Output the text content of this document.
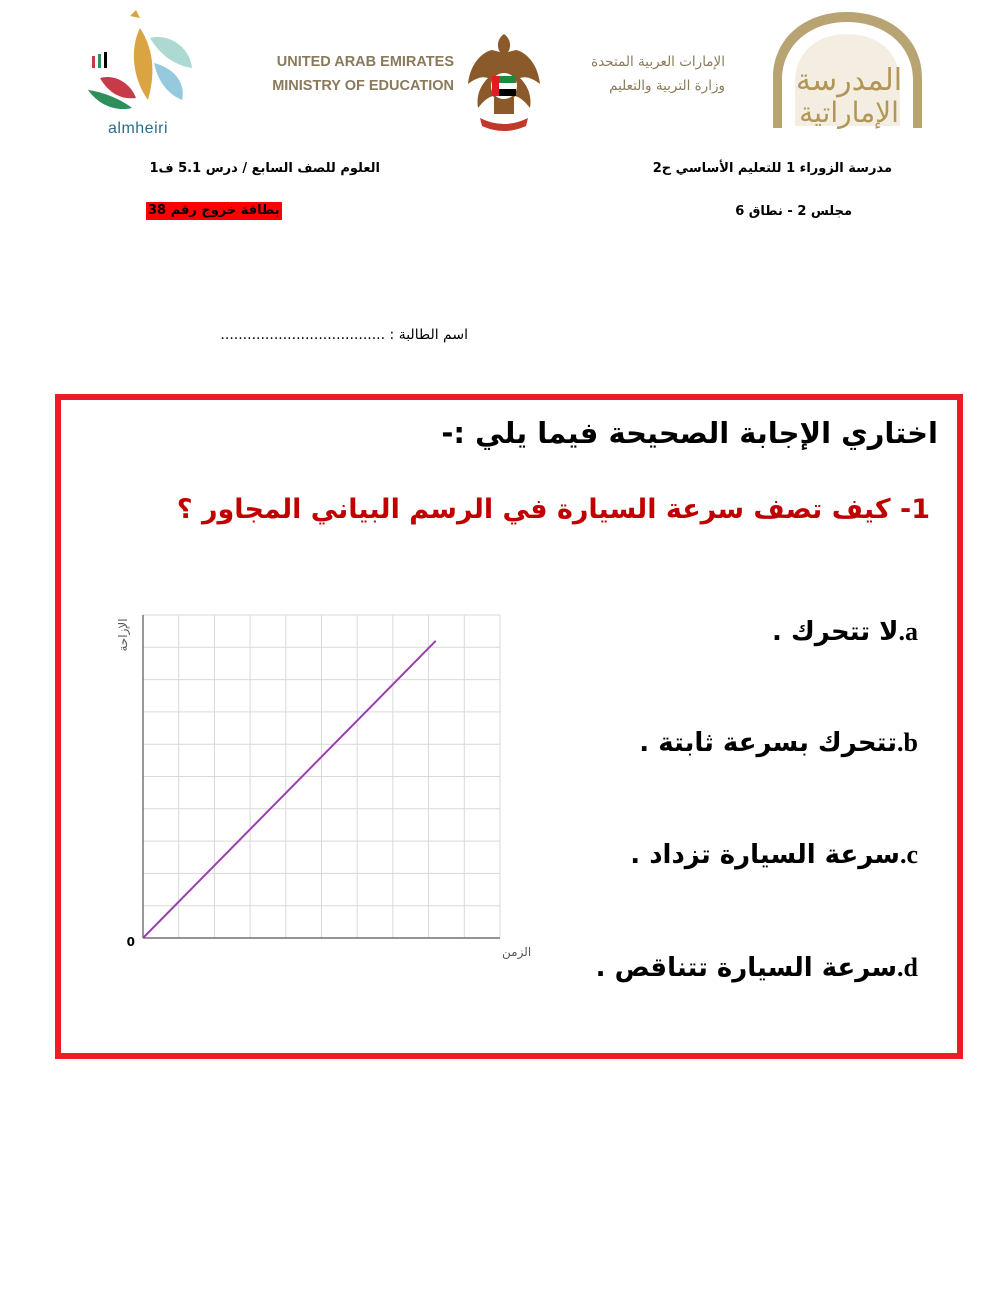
almheiri
UNITED ARAB EMIRATES
MINISTRY OF EDUCATION
الإمارات العربية المتحدة
وزارة التربية والتعليم المدرسة
الإماراتية
مدرسة الزوراء 1 للتعليم الأساسي ح2
العلوم للصف السابع / درس 5.1 ف1
مجلس 2 - نطاق 6
بطاقة خروج رقم 38
اسم الطالبة : .....................................
اختاري الإجابة الصحيحة فيما يلي :-
1- كيف تصف سرعة السيارة في الرسم البياني المجاور ؟
a.لا تتحرك .
b.تتحرك بسرعة ثابتة .
c.سرعة السيارة تزداد .
d.سرعة السيارة تتناقص .
0
الزمن
الإزاحة
